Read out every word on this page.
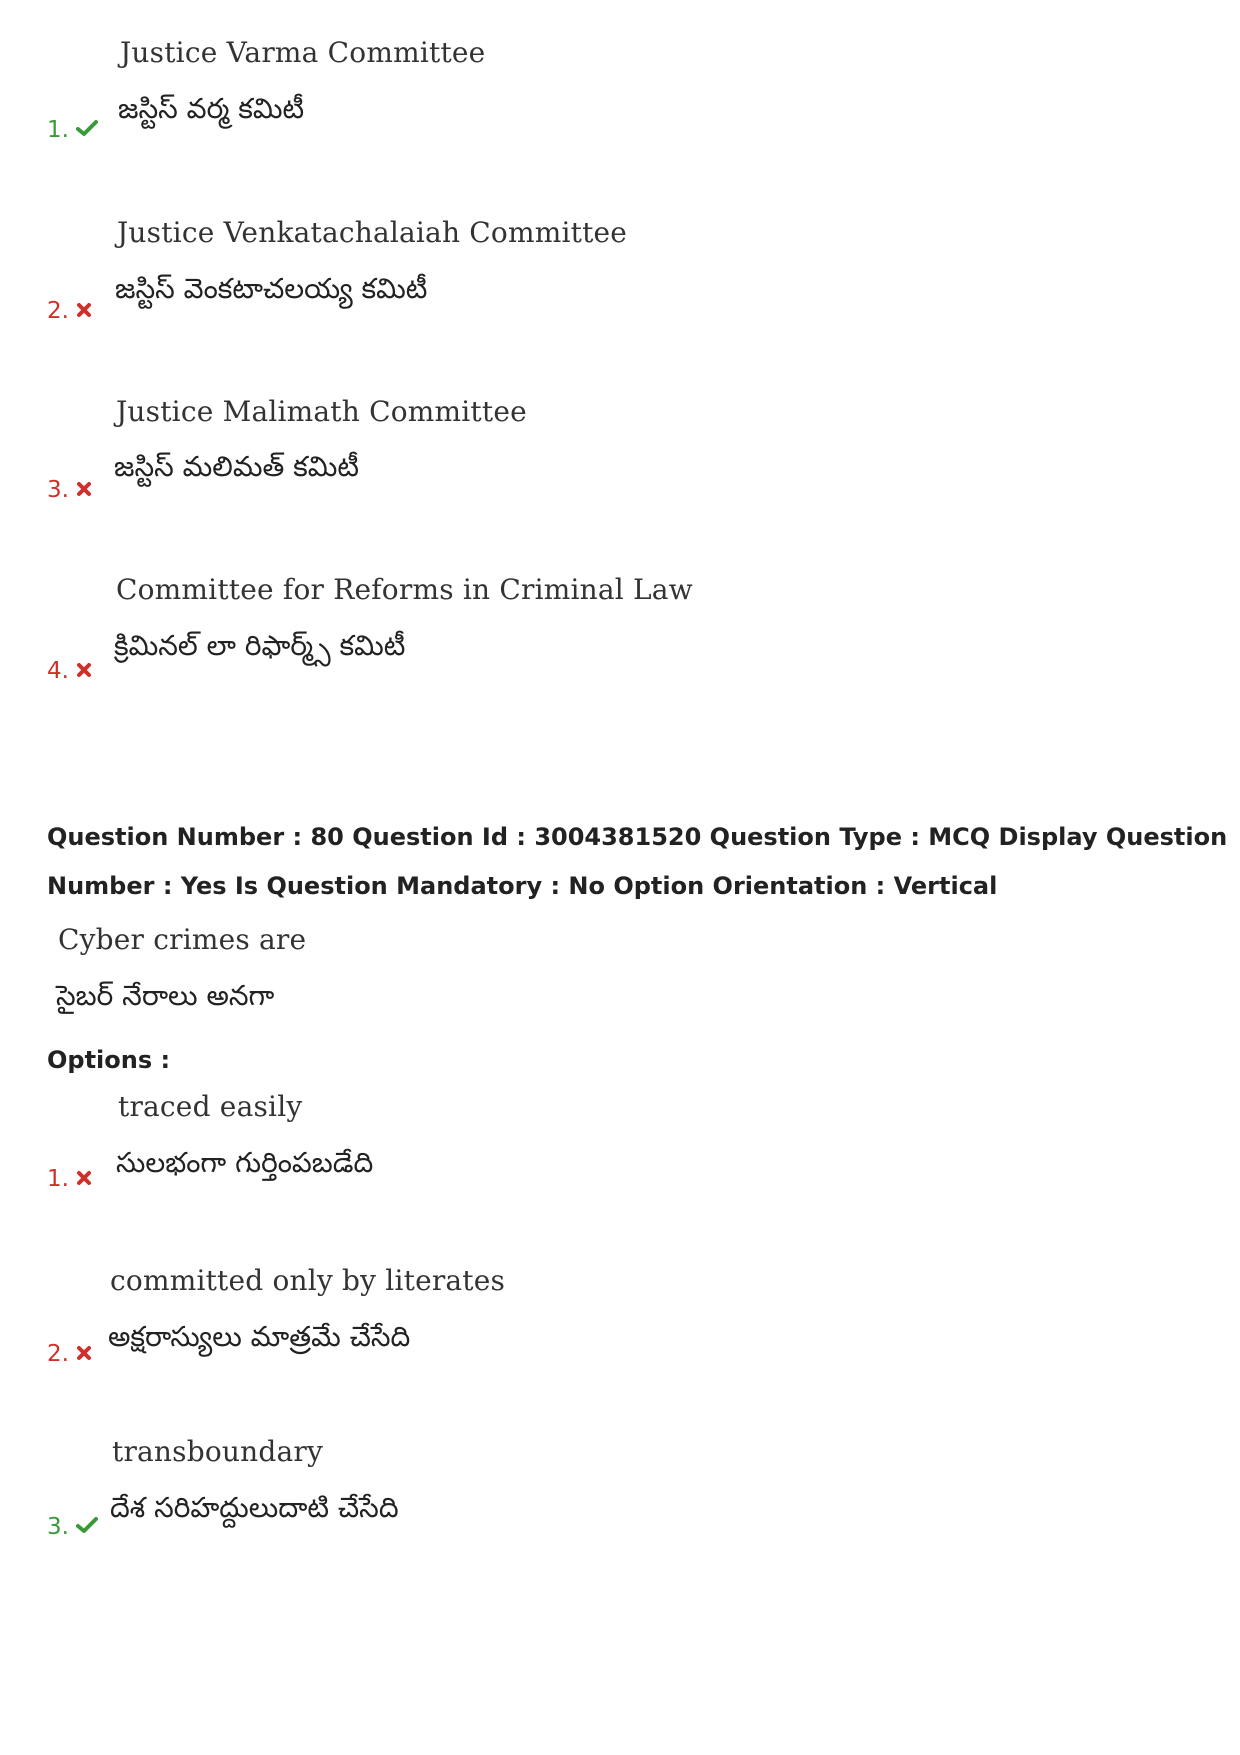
Justice Varma Committee
జస్టిస్ వర్మ కమిటీ
1.
Justice Venkatachalaiah Committee
జస్టిస్ వెంకటాచలయ్య కమిటీ
2.
Justice Malimath Committee
జస్టిస్ మలిమత్ కమిటీ
3.
Committee for Reforms in Criminal Law
క్రిమినల్ లా రిఫార్మ్స్ కమిటీ
4.
Question Number : 80 Question Id : 3004381520 Question Type : MCQ Display Question
Number : Yes Is Question Mandatory : No Option Orientation : Vertical
Cyber crimes are
సైబర్ నేరాలు అనగా
Options :
traced easily
సులభంగా గుర్తింపబడేది
1.
committed only by literates
అక్షరాస్యులు మాత్రమే చేసేది
2.
transboundary
దేశ సరిహద్దులుదాటి చేసేది
3.
